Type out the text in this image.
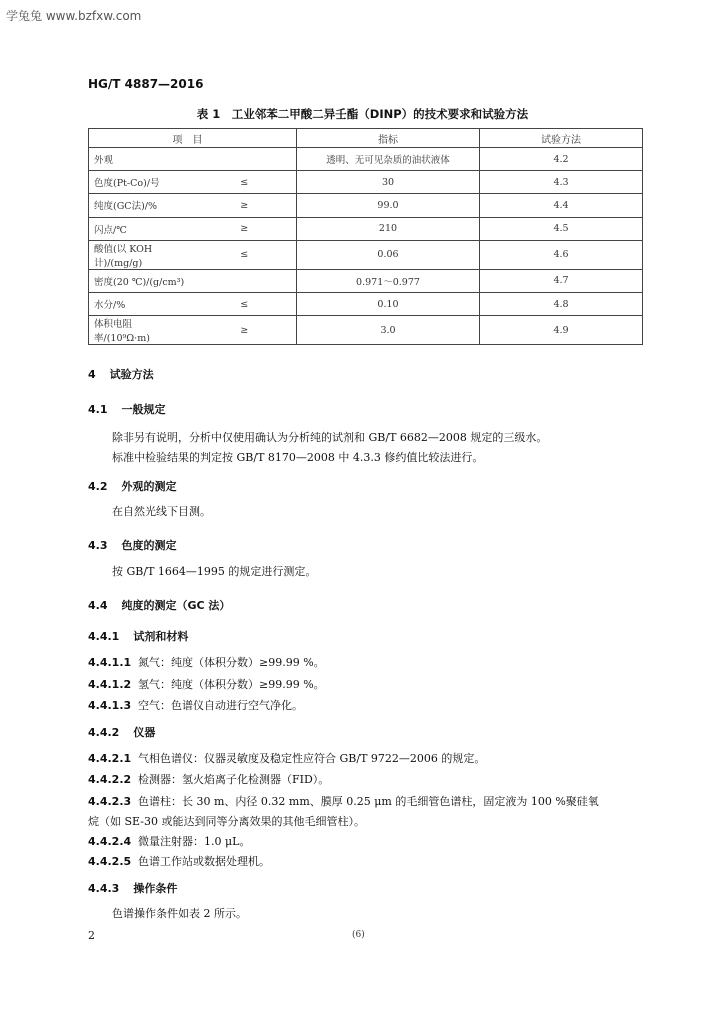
学兔兔 www.bzfxw.com
HG/T 4887—2016
表 1　工业邻苯二甲酸二异壬酯（DINP）的技术要求和试验方法
项目		指标	试验方法
外观		透明、无可见杂质的油状液体	4.2
色度(Pt-Co)/号	≤	30	4.3
纯度(GC法)/%	≥	99.0	4.4
闪点/℃	≥	210	4.5
酸值(以 KOH 计)/(mg/g)	≤	0.06	4.6
密度(20 ℃)/(g/cm³)		0.971～0.977	4.7
水分/%	≤	0.10	4.8
体积电阻率/(10⁹Ω·m)	≥	3.0	4.9
4 试验方法
4.1 一般规定
除非另有说明，分析中仅使用确认为分析纯的试剂和 GB/T 6682—2008 规定的三级水。
标准中检验结果的判定按 GB/T 8170—2008 中 4.3.3 修约值比较法进行。
4.2 外观的测定
在自然光线下目测。
4.3 色度的测定
按 GB/T 1664—1995 的规定进行测定。
4.4 纯度的测定（GC 法）
4.4.1 试剂和材料
4.4.1.1 氮气：纯度（体积分数）≥99.99 %。
4.4.1.2 氢气：纯度（体积分数）≥99.99 %。
4.4.1.3 空气：色谱仪自动进行空气净化。
4.4.2 仪器
4.4.2.1 气相色谱仪：仪器灵敏度及稳定性应符合 GB/T 9722—2006 的规定。
4.4.2.2 检测器：氢火焰离子化检测器（FID）。
4.4.2.3 色谱柱：长 30 m、内径 0.32 mm、膜厚 0.25 μm 的毛细管色谱柱，固定液为 100 %聚硅氧
烷（如 SE-30 或能达到同等分离效果的其他毛细管柱）。
4.4.2.4 微量注射器：1.0 μL。
4.4.2.5 色谱工作站或数据处理机。
4.4.3 操作条件
色谱操作条件如表 2 所示。
2	(6)
